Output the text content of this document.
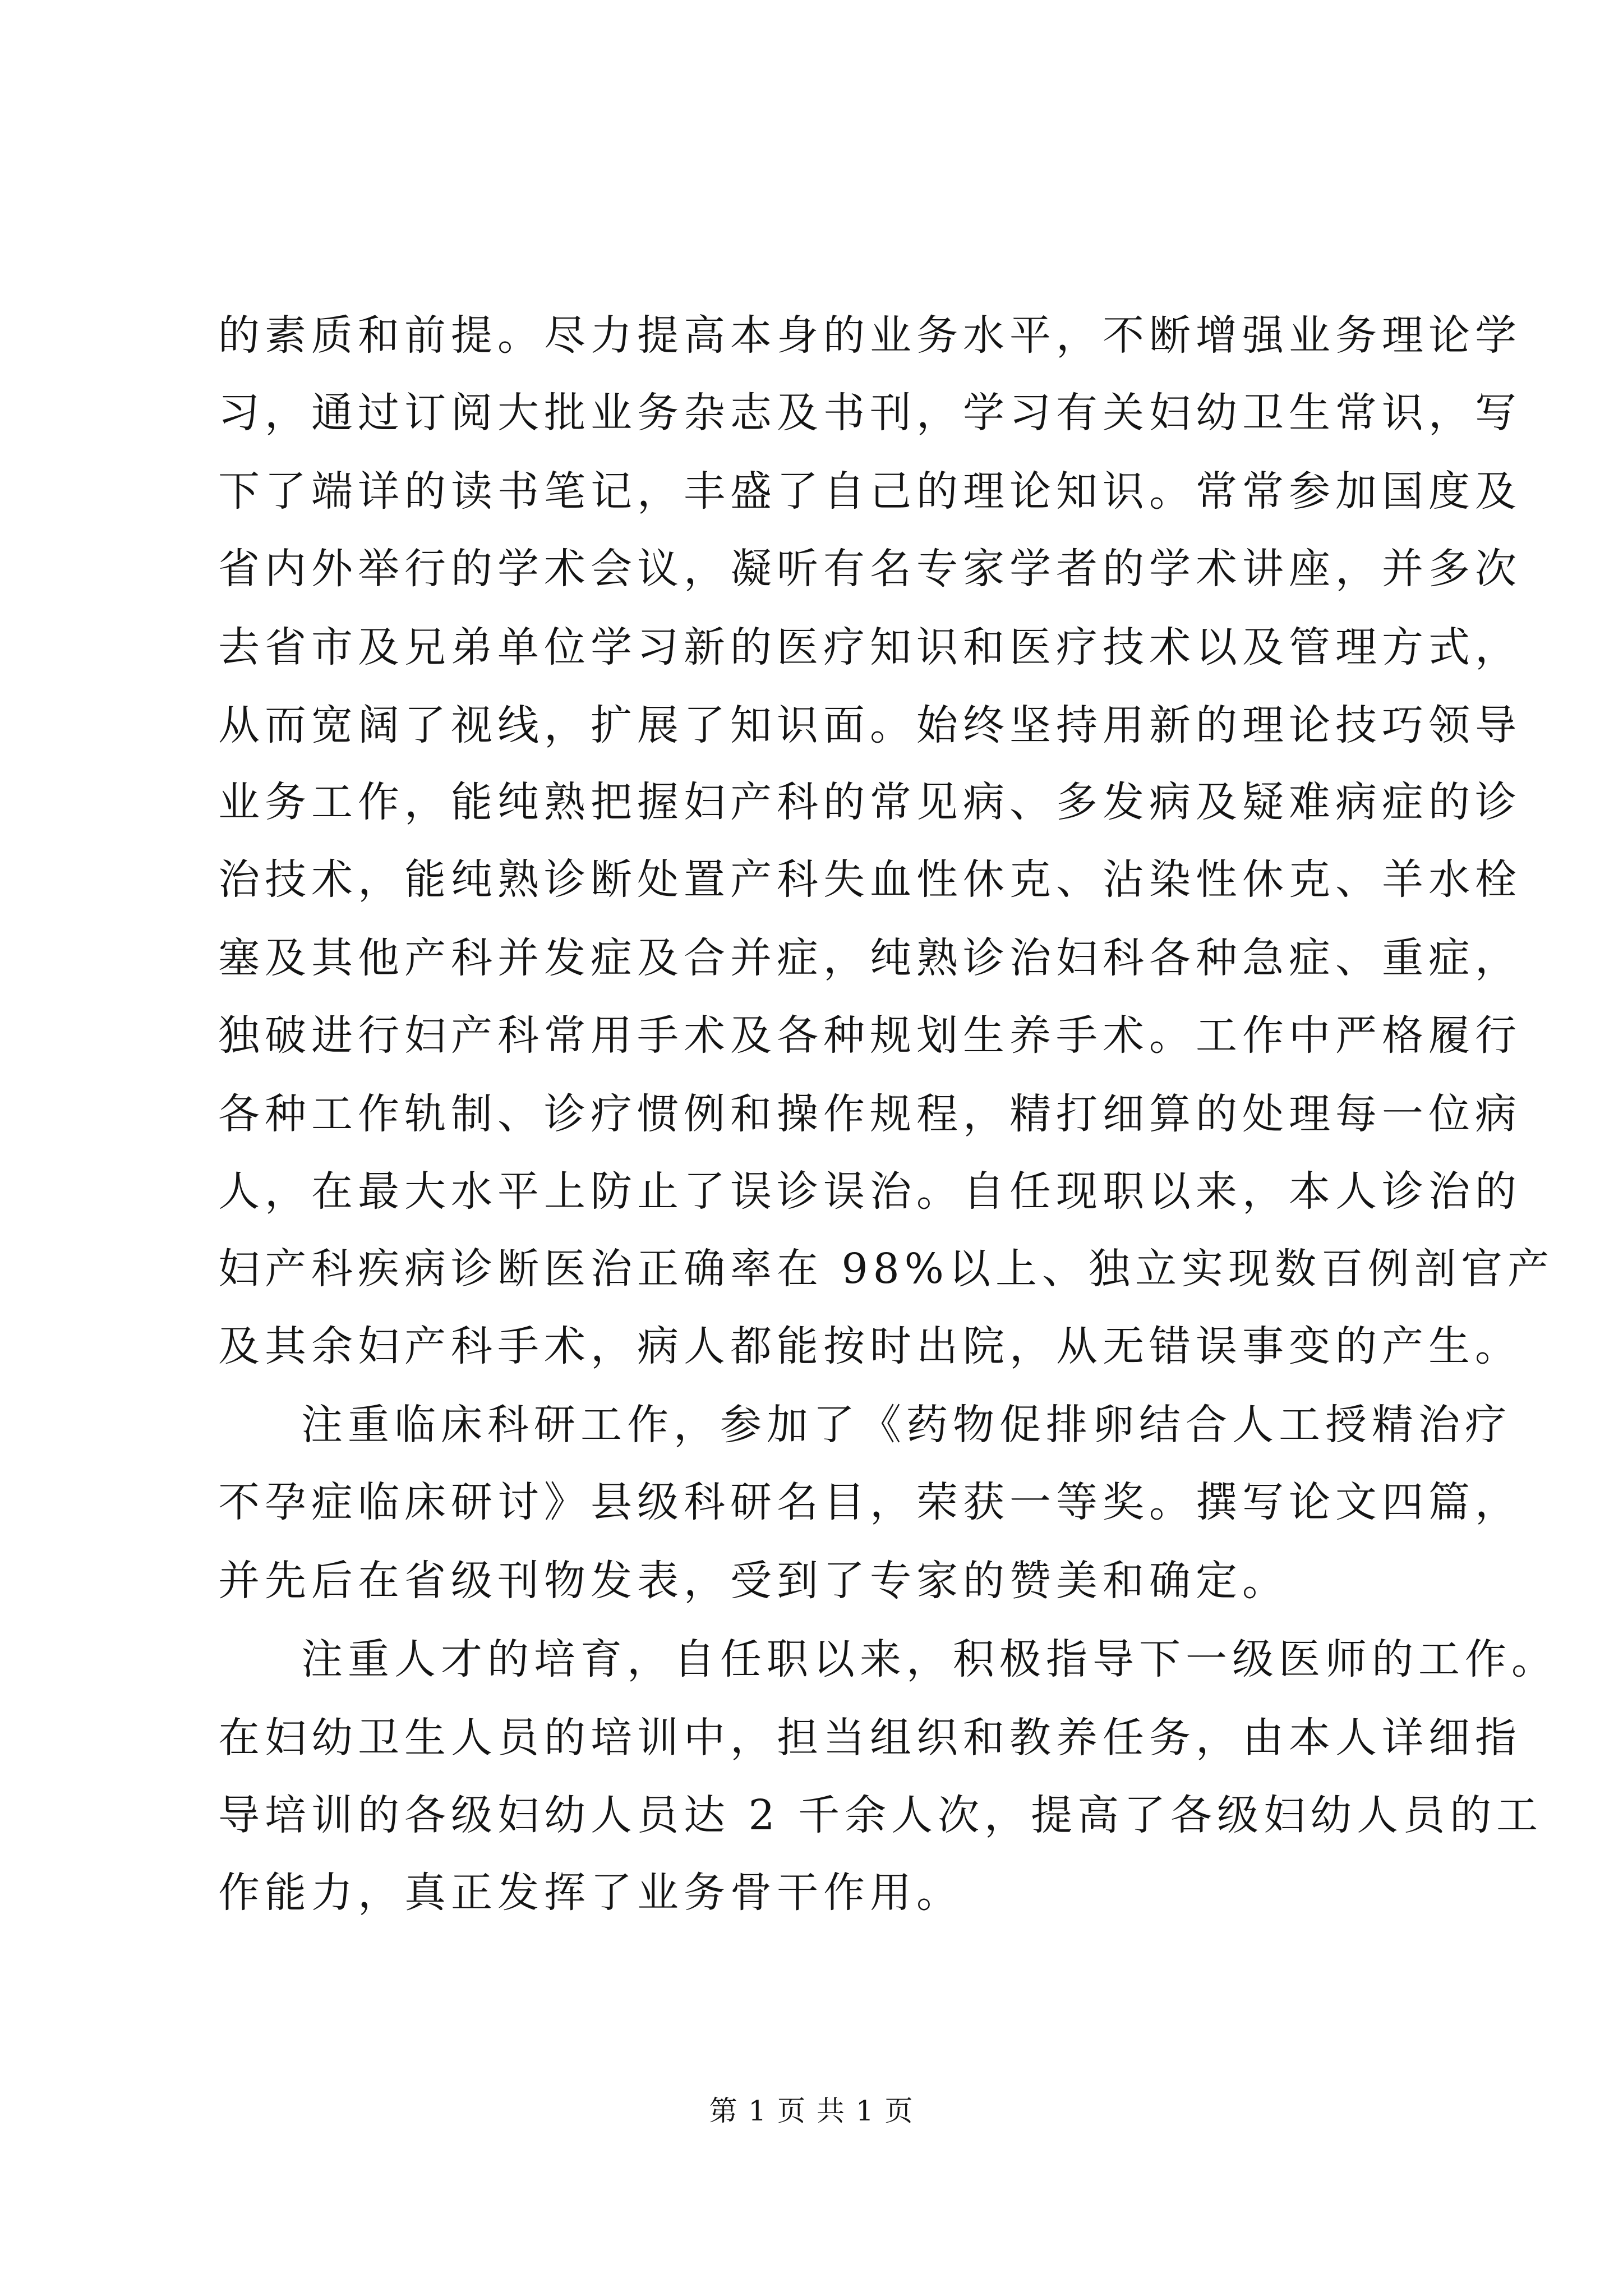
的素质和前提。尽力提高本身的业务水平，不断增强业务理论学
习，通过订阅大批业务杂志及书刊，学习有关妇幼卫生常识，写
下了端详的读书笔记，丰盛了自己的理论知识。常常参加国度及
省内外举行的学术会议，凝听有名专家学者的学术讲座，并多次
去省市及兄弟单位学习新的医疗知识和医疗技术以及管理方式，
从而宽阔了视线，扩展了知识面。始终坚持用新的理论技巧领导
业务工作，能纯熟把握妇产科的常见病、多发病及疑难病症的诊
治技术，能纯熟诊断处置产科失血性休克、沾染性休克、羊水栓
塞及其他产科并发症及合并症，纯熟诊治妇科各种急症、重症，
独破进行妇产科常用手术及各种规划生养手术。工作中严格履行
各种工作轨制、诊疗惯例和操作规程，精打细算的处理每一位病
人，在最大水平上防止了误诊误治。自任现职以来，本人诊治的
妇产科疾病诊断医治正确率在 98%以上、独立实现数百例剖官产
及其余妇产科手术，病人都能按时出院，从无错误事变的产生。
注重临床科研工作，参加了《药物促排卵结合人工授精治疗
不孕症临床研讨》县级科研名目，荣获一等奖。撰写论文四篇，
并先后在省级刊物发表，受到了专家的赞美和确定。
注重人才的培育，自任职以来，积极指导下一级医师的工作。
在妇幼卫生人员的培训中，担当组织和教养任务，由本人详细指
导培训的各级妇幼人员达 2 千余人次，提高了各级妇幼人员的工
作能力，真正发挥了业务骨干作用。
第 1 页 共 1 页
